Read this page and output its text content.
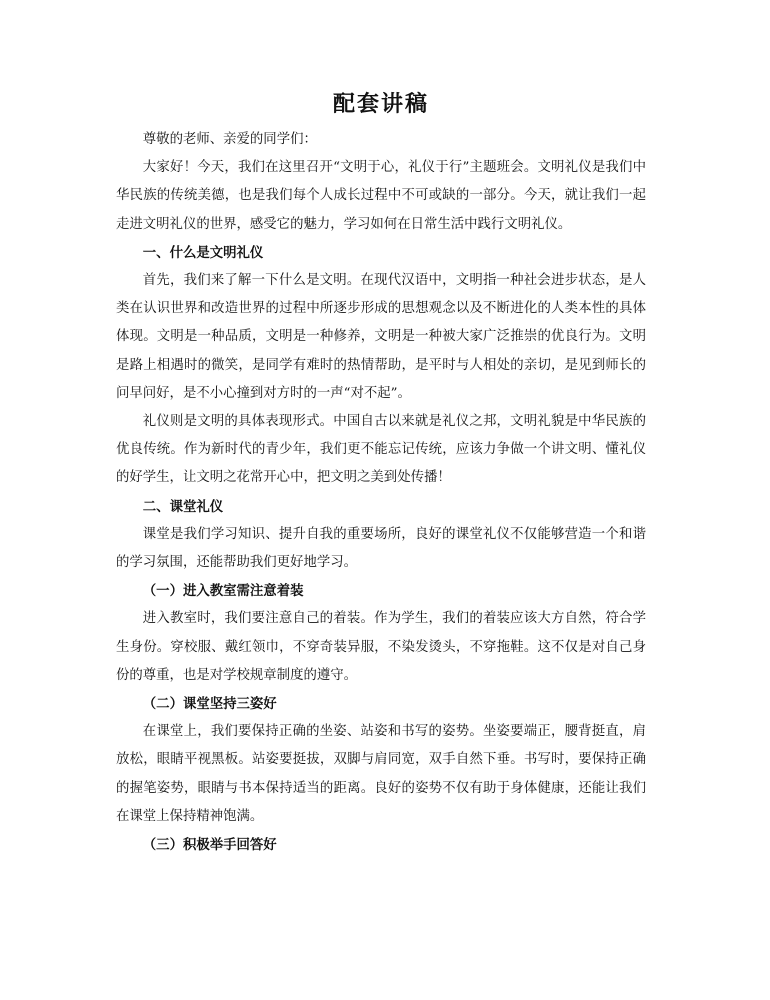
配套讲稿

尊敬的老师、亲爱的同学们：

大家好！今天，我们在这里召开“文明于心，礼仪于行”主题班会。文明礼仪是我们中华民族的传统美德，也是我们每个人成长过程中不可或缺的一部分。今天，就让我们一起走进文明礼仪的世界，感受它的魅力，学习如何在日常生活中践行文明礼仪。

一、什么是文明礼仪

首先，我们来了解一下什么是文明。在现代汉语中，文明指一种社会进步状态，是人类在认识世界和改造世界的过程中所逐步形成的思想观念以及不断进化的人类本性的具体体现。文明是一种品质，文明是一种修养，文明是一种被大家广泛推崇的优良行为。文明是路上相遇时的微笑，是同学有难时的热情帮助，是平时与人相处的亲切，是见到师长的问早问好，是不小心撞到对方时的一声“对不起”。

礼仪则是文明的具体表现形式。中国自古以来就是礼仪之邦，文明礼貌是中华民族的优良传统。作为新时代的青少年，我们更不能忘记传统，应该力争做一个讲文明、懂礼仪的好学生，让文明之花常开心中，把文明之美到处传播！

二、课堂礼仪

课堂是我们学习知识、提升自我的重要场所，良好的课堂礼仪不仅能够营造一个和谐的学习氛围，还能帮助我们更好地学习。

（一）进入教室需注意着装

进入教室时，我们要注意自己的着装。作为学生，我们的着装应该大方自然，符合学生身份。穿校服、戴红领巾，不穿奇装异服，不染发烫头，不穿拖鞋。这不仅是对自己身份的尊重，也是对学校规章制度的遵守。

（二）课堂坚持三姿好

在课堂上，我们要保持正确的坐姿、站姿和书写的姿势。坐姿要端正，腰背挺直，肩放松，眼睛平视黑板。站姿要挺拔，双脚与肩同宽，双手自然下垂。书写时，要保持正确的握笔姿势，眼睛与书本保持适当的距离。良好的姿势不仅有助于身体健康，还能让我们在课堂上保持精神饱满。

（三）积极举手回答好
